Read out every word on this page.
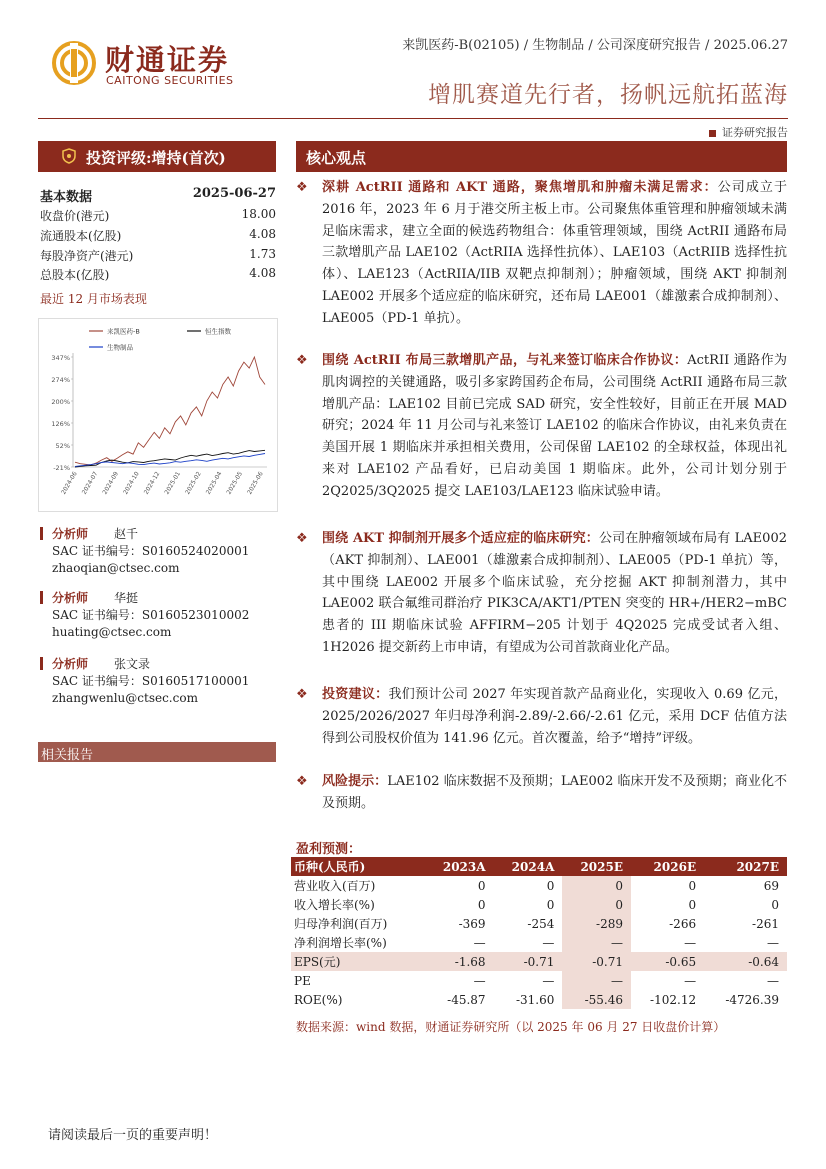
财通证券
CAITONG SECURITIES
来凯医药-B(02105) / 生物制品 / 公司深度研究报告 / 2025.06.27
增肌赛道先行者，扬帆远航拓蓝海
证券研究报告
投资评级:增持(首次)
基本数据	2025-06-27
收盘价(港元)	18.00
流通股本(亿股)	4.08
每股净资产(港元)	1.73
总股本(亿股)	4.08
最近 12 月市场表现
347%
274%
200%
126%
52%
-21%
2024-06 2024-07 2024-09 2024-10 2024-12 2025-01 2025-02 2025-04 2025-05 2025-06
来凯医药-B	恒生指数
生物制品
分析师 赵千
SAC 证书编号：S0160524020001
zhaoqian@ctsec.com
分析师 华挺
SAC 证书编号：S0160523010002
huating@ctsec.com
分析师 张文录
SAC 证书编号：S0160517100001
zhangwenlu@ctsec.com
相关报告
核心观点
❖ 深耕 ActRII 通路和 AKT 通路，聚焦增肌和肿瘤未满足需求：公司成立于 2016 年，2023 年 6 月于港交所主板上市。公司聚焦体重管理和肿瘤领域未满足临床需求，建立全面的候选药物组合：体重管理领域，围绕 ActRII 通路布局三款增肌产品 LAE102（ActRIIA 选择性抗体）、LAE103（ActRIIB 选择性抗体）、LAE123（ActRIIA/IIB 双靶点抑制剂）；肿瘤领域，围绕 AKT 抑制剂 LAE002 开展多个适应症的临床研究，还布局 LAE001（雄激素合成抑制剂）、LAE005（PD-1 单抗）。
❖ 围绕 ActRII 布局三款增肌产品，与礼来签订临床合作协议：ActRII 通路作为肌肉调控的关键通路，吸引多家跨国药企布局，公司围绕 ActRII 通路布局三款增肌产品：LAE102 目前已完成 SAD 研究，安全性较好，目前正在开展 MAD 研究；2024 年 11 月公司与礼来签订 LAE102 的临床合作协议，由礼来负责在美国开展 1 期临床并承担相关费用，公司保留 LAE102 的全球权益，体现出礼来对 LAE102 产品看好，已启动美国 1 期临床。此外，公司计划分别于 2Q2025/3Q2025 提交 LAE103/LAE123 临床试验申请。
❖ 围绕 AKT 抑制剂开展多个适应症的临床研究：公司在肿瘤领域布局有 LAE002（AKT 抑制剂）、LAE001（雄激素合成抑制剂）、LAE005（PD-1 单抗）等，其中围绕 LAE002 开展多个临床试验，充分挖掘 AKT 抑制剂潜力，其中 LAE002 联合氟维司群治疗 PIK3CA/AKT1/PTEN 突变的 HR+/HER2−mBC 患者的 III 期临床试验 AFFIRM−205 计划于 4Q2025 完成受试者入组、1H2026 提交新药上市申请，有望成为公司首款商业化产品。
❖ 投资建议：我们预计公司 2027 年实现首款产品商业化，实现收入 0.69 亿元，2025/2026/2027 年归母净利润-2.89/-2.66/-2.61 亿元，采用 DCF 估值方法得到公司股权价值为 141.96 亿元。首次覆盖，给予“增持”评级。
❖ 风险提示：LAE102 临床数据不及预期；LAE002 临床开发不及预期；商业化不及预期。
盈利预测：
币种(人民币)	2023A	2024A	2025E	2026E	2027E
营业收入(百万)	0	0	0	0	69
收入增长率(%)	0	0	0	0	0
归母净利润(百万)	-369	-254	-289	-266	-261
净利润增长率(%)	—	—	—	—	—
EPS(元)	-1.68	-0.71	-0.71	-0.65	-0.64
PE	—	—	—	—	—
ROE(%)	-45.87	-31.60	-55.46	-102.12	-4726.39
数据来源：wind 数据，财通证券研究所（以 2025 年 06 月 27 日收盘价计算）
请阅读最后一页的重要声明！
